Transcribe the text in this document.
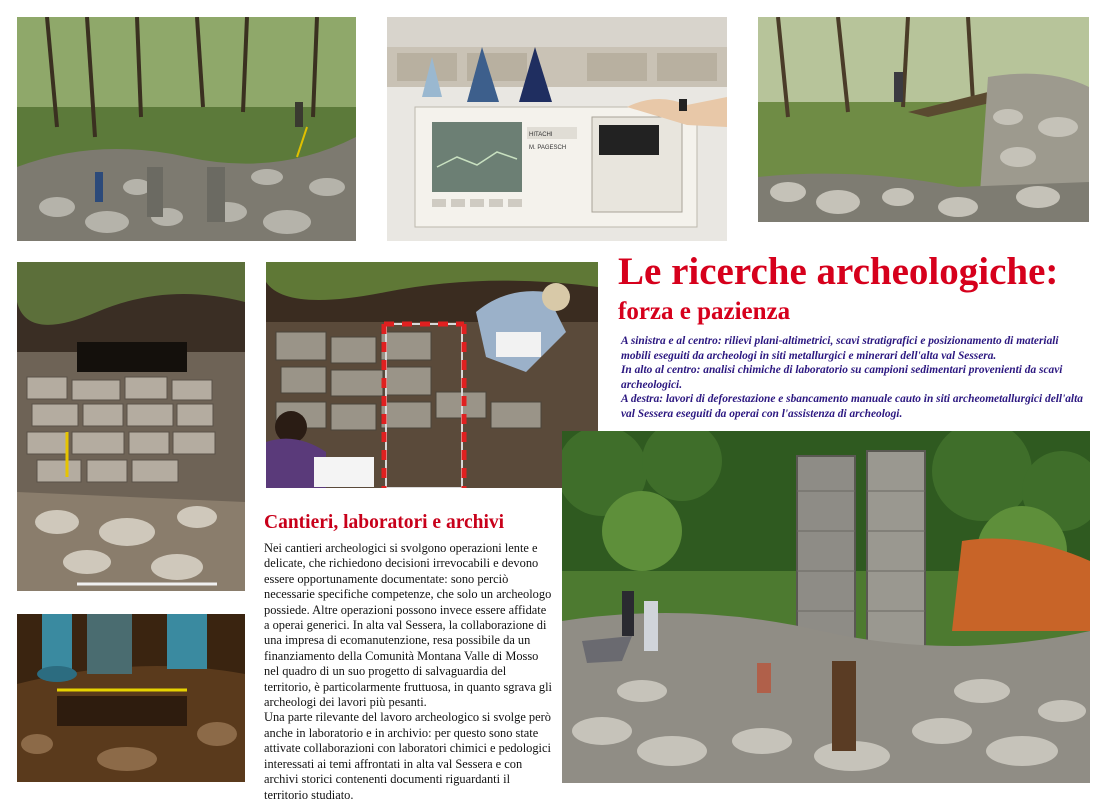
HITACHI
M. PAGESCH
Le ricerche archeologiche:
forza e pazienza

A sinistra e al centro: rilievi plani-altimetrici, scavi stratigrafici e posizionamento di materiali mobili eseguiti da archeologi in siti metallurgici e minerari dell'alta val Sessera.

In alto al centro: analisi chimiche di laboratorio su campioni sedimentari provenienti da scavi archeologici.

A destra: lavori di deforestazione e sbancamento manuale cauto in siti archeometallurgici dell'alta val Sessera eseguiti da operai con l'assistenza di archeologi.

Cantieri, laboratori e archivi

Nei cantieri archeologici si svolgono operazioni lente e delicate, che richiedono decisioni irrevocabili e devono essere opportunamente documentate: sono perciò necessarie specifiche competenze, che solo un archeologo possiede. Altre operazioni possono invece essere affidate a operai generici. In alta val Sessera, la collaborazione di una impresa di ecomanutenzione, resa possibile da un finanziamento della Comunità Montana Valle di Mosso nel quadro di un suo progetto di salvaguardia del territorio, è particolarmente fruttuosa, in quanto sgrava gli archeologi dei lavori più pesanti.

Una parte rilevante del lavoro archeologico si svolge però anche in laboratorio e in archivio: per questo sono state attivate collaborazioni con laboratori chimici e pedologici interessati ai temi affrontati in alta val Sessera e con archivi storici contenenti documenti riguardanti il territorio studiato.
